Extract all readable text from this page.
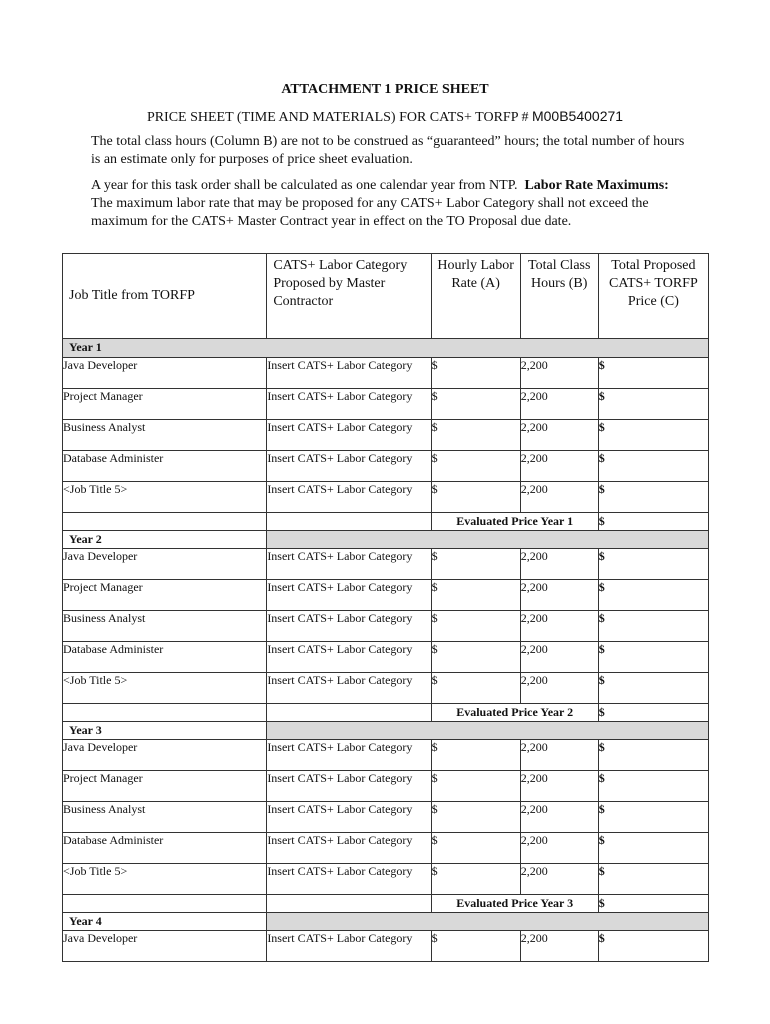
ATTACHMENT 1 PRICE SHEET
PRICE SHEET (TIME AND MATERIALS) FOR CATS+ TORFP # M00B5400271
The total class hours (Column B) are not to be construed as “guaranteed” hours; the total number of hours is an estimate only for purposes of price sheet evaluation.
A year for this task order shall be calculated as one calendar year from NTP. Labor Rate Maximums: The maximum labor rate that may be proposed for any CATS+ Labor Category shall not exceed the maximum for the CATS+ Master Contract year in effect on the TO Proposal due date.
Job Title from TORFP	CATS+ Labor Category Proposed by Master Contractor	Hourly Labor Rate (A)	Total Class Hours (B)	Total Proposed CATS+ TORFP Price (C)

Year 1				

Java Developer	Insert CATS+ Labor Category	$	2,200	$
Project Manager	Insert CATS+ Labor Category	$	2,200	$
Business Analyst	Insert CATS+ Labor Category	$	2,200	$
Database Administer	Insert CATS+ Labor Category	$	2,200	$
<Job Title 5>	Insert CATS+ Labor Category	$	2,200	$
		Evaluated Price Year 1		$

Year 2				

Java Developer	Insert CATS+ Labor Category	$	2,200	$
Project Manager	Insert CATS+ Labor Category	$	2,200	$
Business Analyst	Insert CATS+ Labor Category	$	2,200	$
Database Administer	Insert CATS+ Labor Category	$	2,200	$
<Job Title 5>	Insert CATS+ Labor Category	$	2,200	$
		Evaluated Price Year 2		$

Year 3				

Java Developer	Insert CATS+ Labor Category	$	2,200	$
Project Manager	Insert CATS+ Labor Category	$	2,200	$
Business Analyst	Insert CATS+ Labor Category	$	2,200	$
Database Administer	Insert CATS+ Labor Category	$	2,200	$
<Job Title 5>	Insert CATS+ Labor Category	$	2,200	$
		Evaluated Price Year 3		$

Year 4				

Java Developer	Insert CATS+ Labor Category	$	2,200	$
